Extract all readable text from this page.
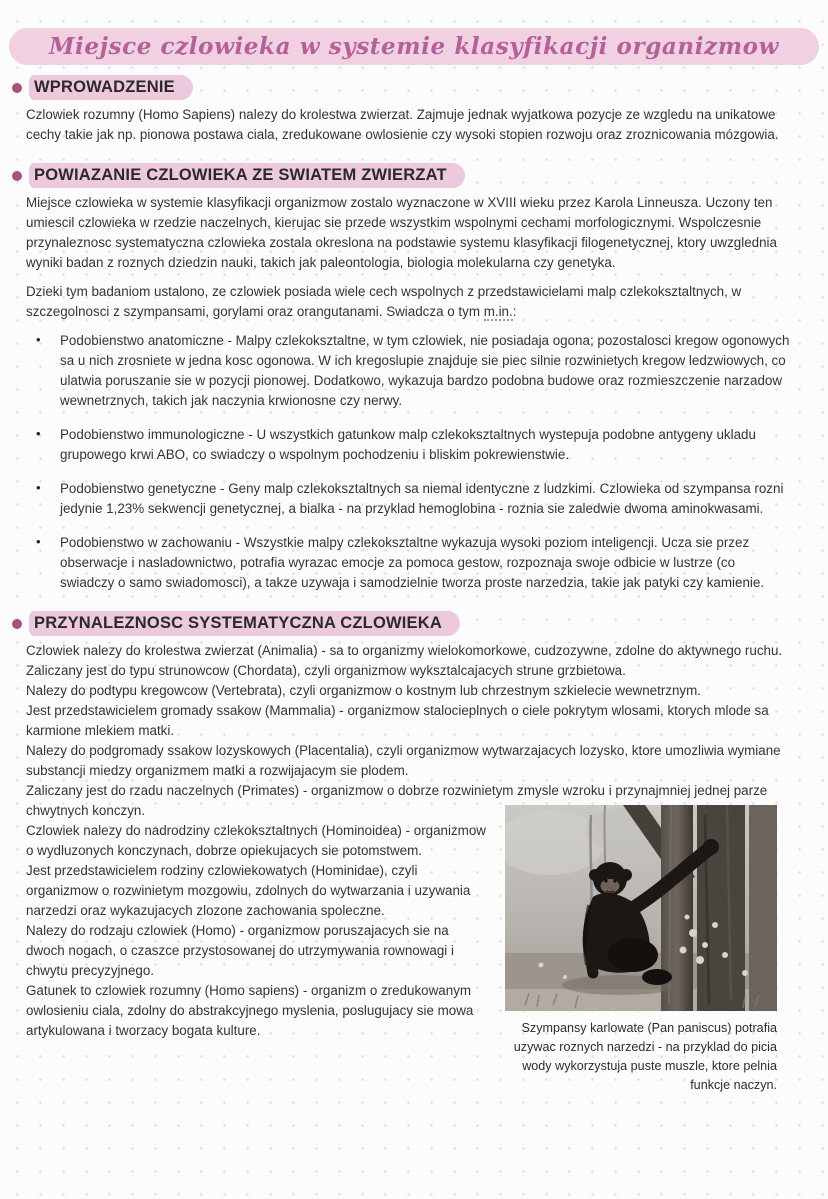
Miejsce czlowieka w systemie klasyfikacji organizmow
WPROWADZENIE

Czlowiek rozumny (Homo Sapiens) nalezy do krolestwa zwierzat. Zajmuje jednak wyjatkowa pozycje ze wzgledu na unikatowe cechy takie jak np. pionowa postawa ciala, zredukowane owlosienie czy wysoki stopien rozwoju oraz zroznicowania mózgowia.

POWIAZANIE CZLOWIEKA ZE SWIATEM ZWIERZAT

Miejsce czlowieka w systemie klasyfikacji organizmow zostalo wyznaczone w XVIII wieku przez Karola Linneusza. Uczony ten umiescil czlowieka w rzedzie naczelnych, kierujac sie przede wszystkim wspolnymi cechami morfologicznymi. Wspolczesnie przynaleznosc systematyczna czlowieka zostala okreslona na podstawie systemu klasyfikacji filogenetycznej, ktory uwzglednia wyniki badan z roznych dziedzin nauki, takich jak paleontologia, biologia molekularna czy genetyka.

Dzieki tym badaniom ustalono, ze czlowiek posiada wiele cech wspolnych z przedstawicielami malp czlekoksztaltnych, w szczegolnosci z szympansami, gorylami oraz orangutanami. Swiadcza o tym m.in.:

• Podobienstwo anatomiczne - Malpy czlekoksztaltne, w tym czlowiek, nie posiadaja ogona; pozostalosci kregow ogonowych sa u nich zrosniete w jedna kosc ogonowa. W ich kregoslupie znajduje sie piec silnie rozwinietych kregow ledzwiowych, co ulatwia poruszanie sie w pozycji pionowej. Dodatkowo, wykazuja bardzo podobna budowe oraz rozmieszczenie narzadow wewnetrznych, takich jak naczynia krwionosne czy nerwy.
• Podobienstwo immunologiczne - U wszystkich gatunkow malp czlekoksztaltnych wystepuja podobne antygeny ukladu grupowego krwi ABO, co swiadczy o wspolnym pochodzeniu i bliskim pokrewienstwie.
• Podobienstwo genetyczne - Geny malp czlekoksztaltnych sa niemal identyczne z ludzkimi. Czlowieka od szympansa rozni jedynie 1,23% sekwencji genetycznej, a bialka - na przyklad hemoglobina - roznia sie zaledwie dwoma aminokwasami.
• Podobienstwo w zachowaniu - Wszystkie malpy czlekoksztaltne wykazuja wysoki poziom inteligencji. Ucza sie przez obserwacje i nasladownictwo, potrafia wyrazac emocje za pomoca gestow, rozpoznaja swoje odbicie w lustrze (co swiadczy o samo swiadomosci), a takze uzywaja i samodzielnie tworza proste narzedzia, takie jak patyki czy kamienie.
PRZYNALEZNOSC SYSTEMATYCZNA CZLOWIEKA
Czlowiek nalezy do krolestwa zwierzat (Animalia) - sa to organizmy wielokomorkowe, cudzozywne, zdolne do aktywnego ruchu.
Zaliczany jest do typu strunowcow (Chordata), czyli organizmow wyksztalcajacych strune grzbietowa.
Nalezy do podtypu kregowcow (Vertebrata), czyli organizmow o kostnym lub chrzestnym szkielecie wewnetrznym.
Jest przedstawicielem gromady ssakow (Mammalia) - organizmow stalocieplnych o ciele pokrytym wlosami, ktorych mlode sa karmione mlekiem matki.
Nalezy do podgromady ssakow lozyskowych (Placentalia), czyli organizmow wytwarzajacych lozysko, ktore umozliwia wymiane substancji miedzy organizmem matki a rozwijajacym sie plodem.
Zaliczany jest do rzadu naczelnych (Primates) - organizmow o dobrze rozwinietym zmysle wzroku i przynajmniej jednej parze chwytnych konczyn.
Szympansy karlowate (Pan paniscus) potrafia uzywac roznych narzedzi - na przyklad do picia wody wykorzystuja puste muszle, ktore pelnia funkcje naczyn.
Czlowiek nalezy do nadrodziny czlekoksztaltnych (Hominoidea) - organizmow o wydluzonych konczynach, dobrze opiekujacych sie potomstwem.
Jest przedstawicielem rodziny czlowiekowatych (Hominidae), czyli organizmow o rozwinietym mozgowiu, zdolnych do wytwarzania i uzywania narzedzi oraz wykazujacych zlozone zachowania spoleczne.
Nalezy do rodzaju czlowiek (Homo) - organizmow poruszajacych sie na dwoch nogach, o czaszce przystosowanej do utrzymywania rownowagi i chwytu precyzyjnego.
Gatunek to czlowiek rozumny (Homo sapiens) - organizm o zredukowanym owlosieniu ciala, zdolny do abstrakcyjnego myslenia, poslugujacy sie mowa artykulowana i tworzacy bogata kulture.
